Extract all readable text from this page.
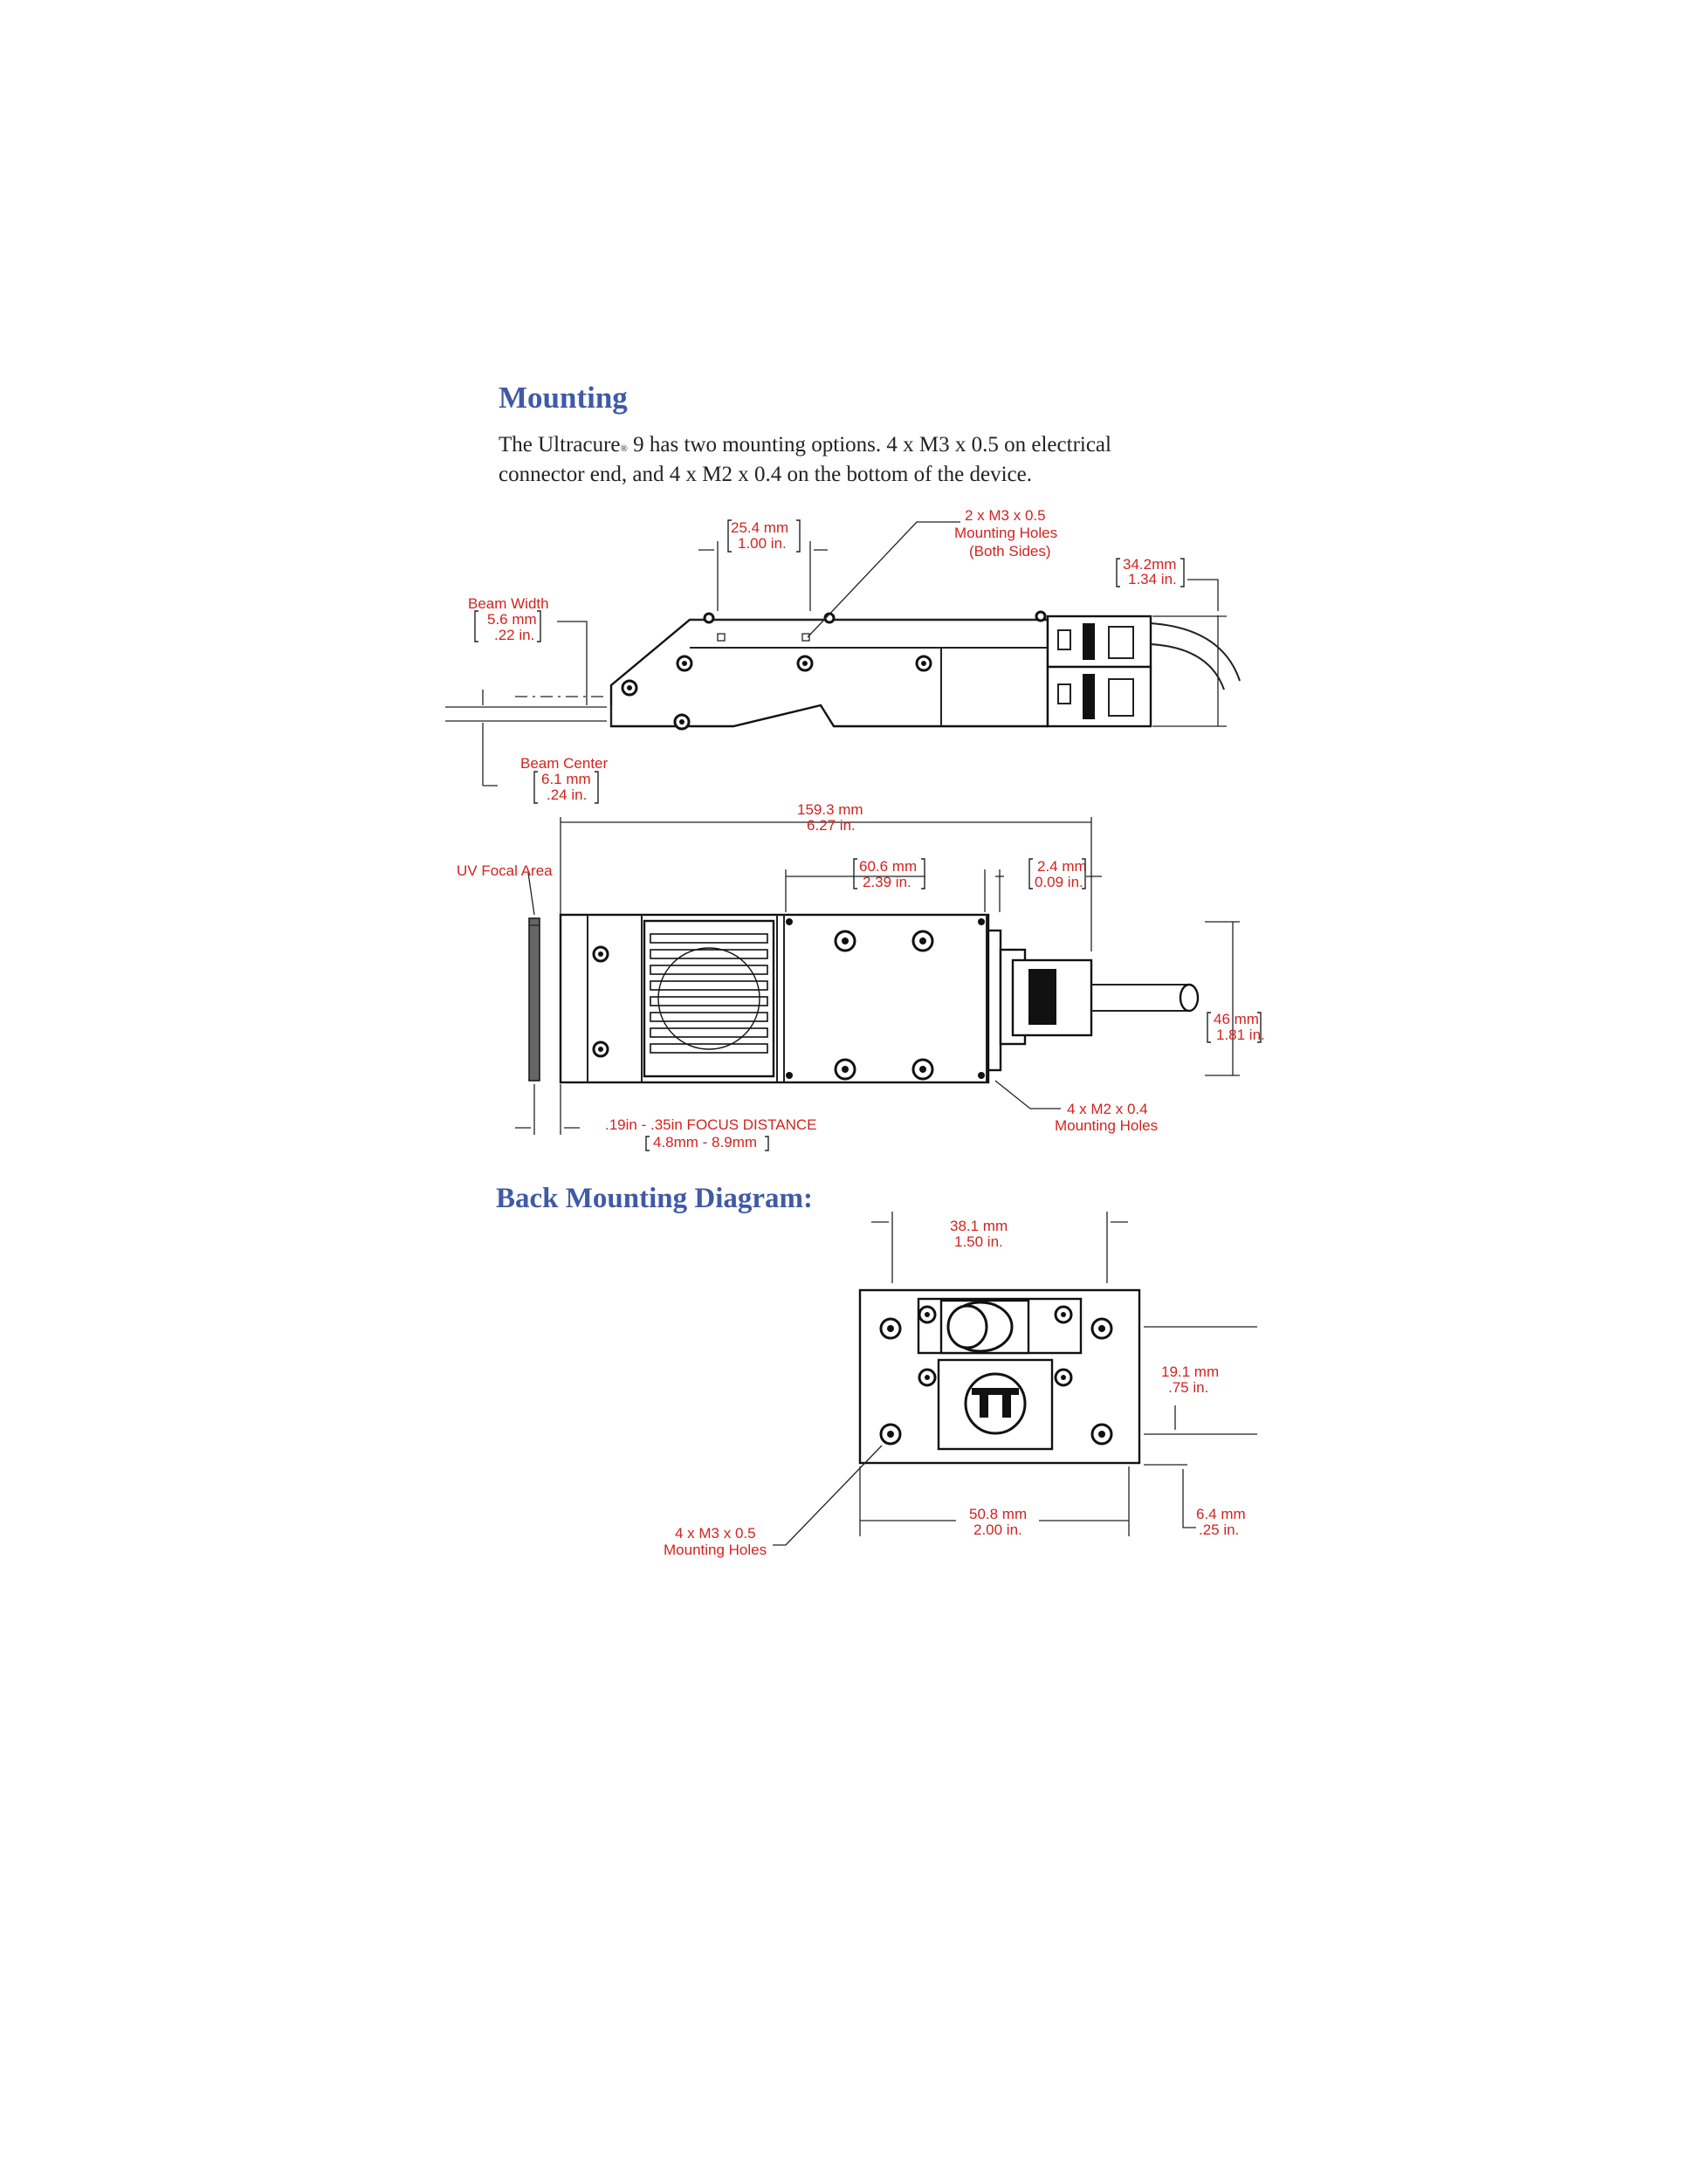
Mounting
The Ultracure® 9 has two mounting options. 4 x M3 x 0.5 on electrical
connector end, and 4 x M2 x 0.4 on the bottom of the device.
Back Mounting Diagram:
25.4 mm
1.00 in.
2 x M3 x 0.5
Mounting Holes
(Both Sides)
34.2mm
1.34 in.
Beam Width
5.6 mm
.22 in.
Beam Center
6.1 mm
.24 in.
159.3 mm
6.27 in.
UV Focal Area	60.6 mm
2.39 in.
2.4 mm
0.09 in.
46 mm
1.81 in.
.19in - .35in FOCUS DISTANCE
4.8mm - 8.9mm
4 x M2 x 0.4
Mounting Holes
38.1 mm
1.50 in.
19.1 mm
.75 in.
50.8 mm
2.00 in.
6.4 mm
.25 in.
4 x M3 x 0.5
Mounting Holes
